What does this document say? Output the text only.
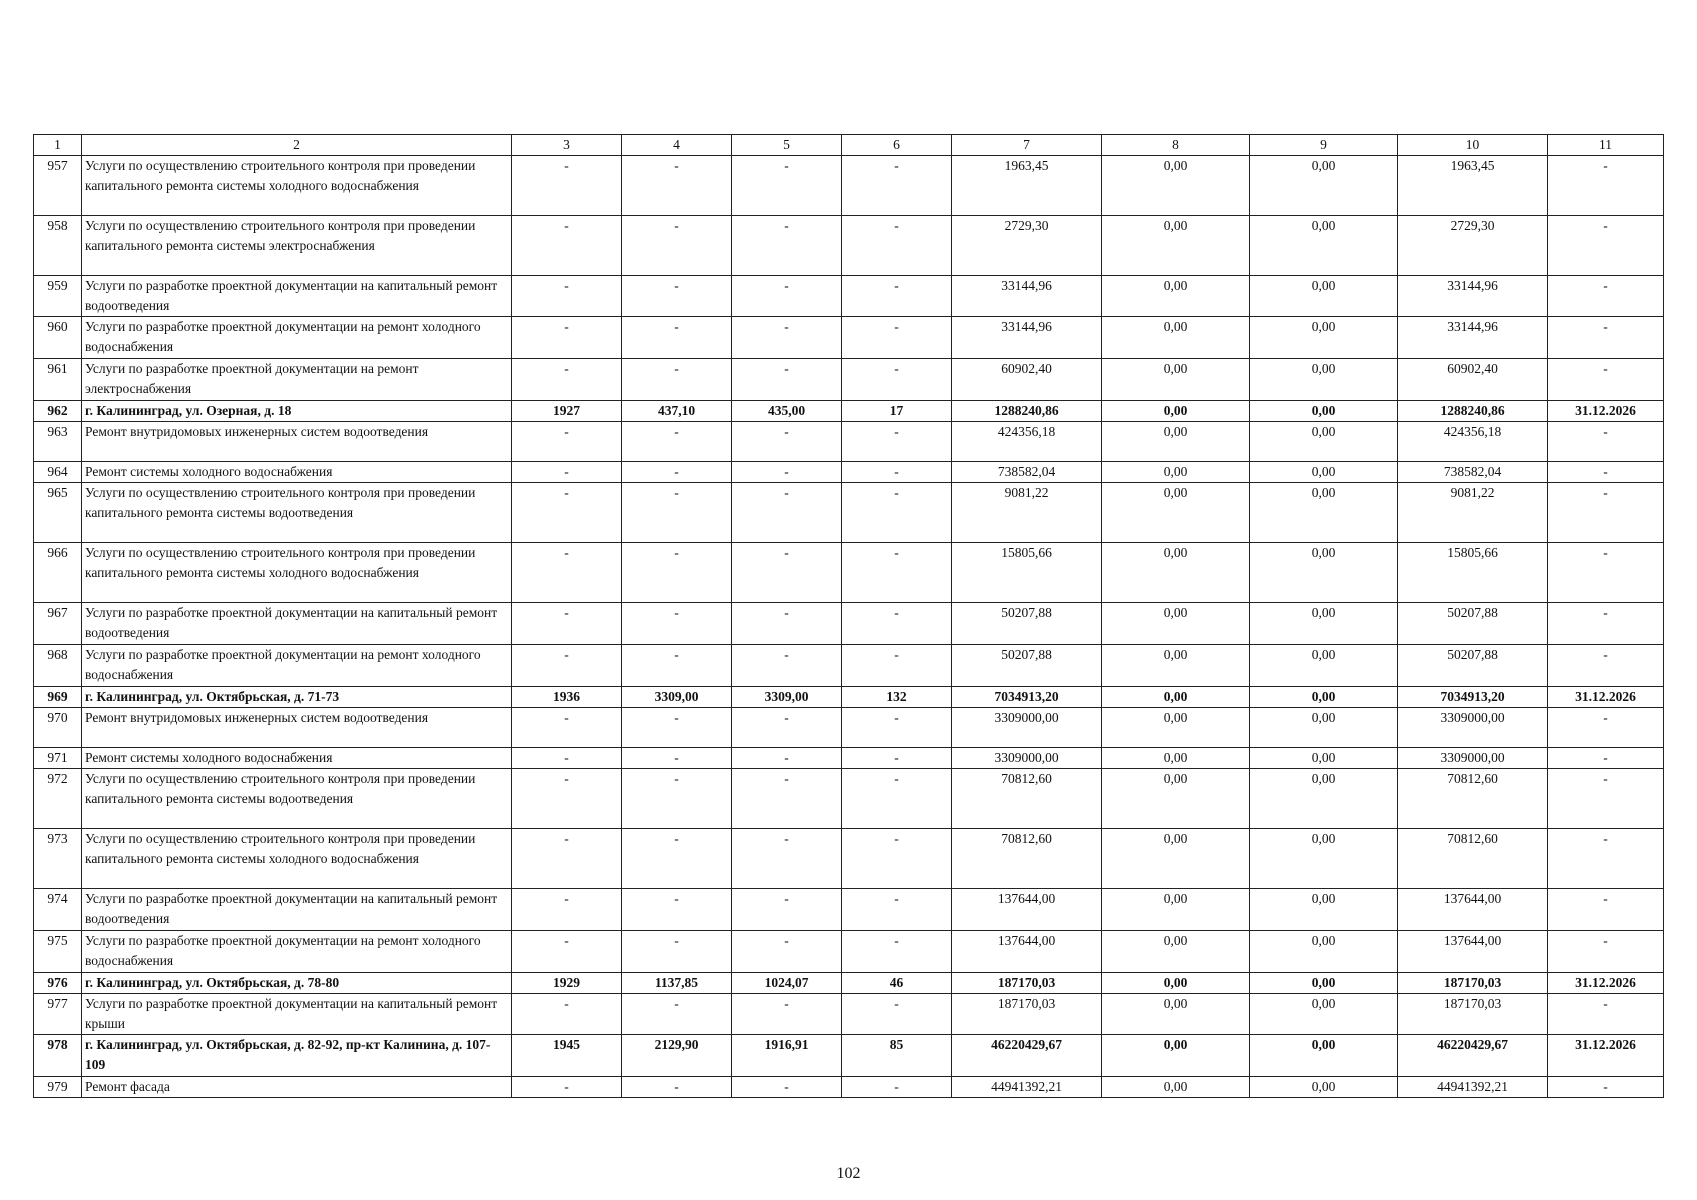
1	2	3	4	5	6	7	8	9	10	11
957	Услуги по осуществлению строительного контроля при проведении капитального ремонта системы холодного водоснабжения	-	-	-	-	1963,45	0,00	0,00	1963,45	-
958	Услуги по осуществлению строительного контроля при проведении капитального ремонта системы электроснабжения	-	-	-	-	2729,30	0,00	0,00	2729,30	-
959	Услуги по разработке проектной документации на капитальный ремонт водоотведения	-	-	-	-	33144,96	0,00	0,00	33144,96	-
960	Услуги по разработке проектной документации на ремонт холодного водоснабжения	-	-	-	-	33144,96	0,00	0,00	33144,96	-
961	Услуги по разработке проектной документации на ремонт электроснабжения	-	-	-	-	60902,40	0,00	0,00	60902,40	-
962	г. Калининград, ул. Озерная, д. 18	1927	437,10	435,00	17	1288240,86	0,00	0,00	1288240,86	31.12.2026
963	Ремонт внутридомовых инженерных систем водоотведения	-	-	-	-	424356,18	0,00	0,00	424356,18	-
964	Ремонт системы холодного водоснабжения	-	-	-	-	738582,04	0,00	0,00	738582,04	-
965	Услуги по осуществлению строительного контроля при проведении капитального ремонта системы водоотведения	-	-	-	-	9081,22	0,00	0,00	9081,22	-
966	Услуги по осуществлению строительного контроля при проведении капитального ремонта системы холодного водоснабжения	-	-	-	-	15805,66	0,00	0,00	15805,66	-
967	Услуги по разработке проектной документации на капитальный ремонт водоотведения	-	-	-	-	50207,88	0,00	0,00	50207,88	-
968	Услуги по разработке проектной документации на ремонт холодного водоснабжения	-	-	-	-	50207,88	0,00	0,00	50207,88	-
969	г. Калининград, ул. Октябрьская, д. 71-73	1936	3309,00	3309,00	132	7034913,20	0,00	0,00	7034913,20	31.12.2026
970	Ремонт внутридомовых инженерных систем водоотведения	-	-	-	-	3309000,00	0,00	0,00	3309000,00	-
971	Ремонт системы холодного водоснабжения	-	-	-	-	3309000,00	0,00	0,00	3309000,00	-
972	Услуги по осуществлению строительного контроля при проведении капитального ремонта системы водоотведения	-	-	-	-	70812,60	0,00	0,00	70812,60	-
973	Услуги по осуществлению строительного контроля при проведении капитального ремонта системы холодного водоснабжения	-	-	-	-	70812,60	0,00	0,00	70812,60	-
974	Услуги по разработке проектной документации на капитальный ремонт водоотведения	-	-	-	-	137644,00	0,00	0,00	137644,00	-
975	Услуги по разработке проектной документации на ремонт холодного водоснабжения	-	-	-	-	137644,00	0,00	0,00	137644,00	-
976	г. Калининград, ул. Октябрьская, д. 78-80	1929	1137,85	1024,07	46	187170,03	0,00	0,00	187170,03	31.12.2026
977	Услуги по разработке проектной документации на капитальный ремонт крыши	-	-	-	-	187170,03	0,00	0,00	187170,03	-
978	г. Калининград, ул. Октябрьская, д. 82-92, пр-кт Калинина, д. 107-109	1945	2129,90	1916,91	85	46220429,67	0,00	0,00	46220429,67	31.12.2026
979	Ремонт фасада	-	-	-	-	44941392,21	0,00	0,00	44941392,21	-
102
